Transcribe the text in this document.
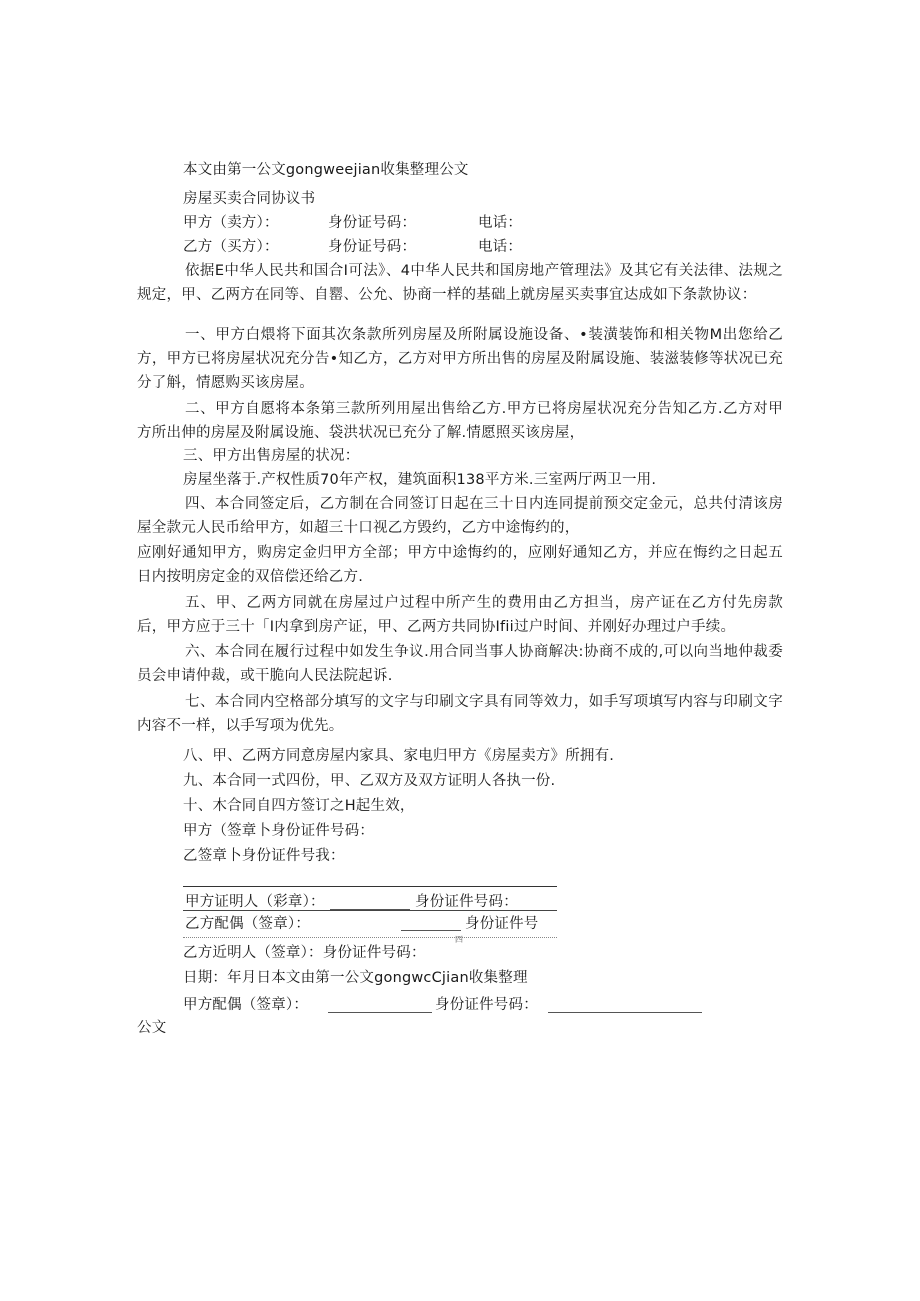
本文由第一公文gongweejian收集整理公文
房屋买卖合同协议书
甲方（卖方）：	身份证号码：	电话：
乙方（买方）：	身份证号码：	电话：
依据E中华人民共和国合I可法》、4中华人民共和国房地产管理法》及其它有关法律、法规之规定，甲、乙两方在同等、自罂、公允、协商一样的基础上就房屋买卖事宜达成如下条款协议：
一、甲方白煨将下面其次条款所列房屋及所附属设施设备、•装潢装饰和相关物M出您给乙方，甲方已将房屋状况充分告•知乙方，乙方对甲方所出售的房屋及附属设施、装滋装修等状况已充分了斛，情愿购买该房屋。
二、甲方自愿将本条第三款所列用屋出售给乙方.甲方已将房屋状况充分告知乙方.乙方对甲方所出伸的房屋及附属设施、袋洪状况已充分了解.情愿照买该房屋，
三、甲方出售房屋的状况：
房屋坐落于.产权性质70年产权，建筑面积138平方米.三室两厅两卫一用.
四、本合同签定后，乙方制在合同签订日起在三十日内连同提前预交定金元，总共付清该房屋全款元人民币给甲方，如超三十口视乙方毁约，乙方中途悔约的，
应刚好通知甲方，购房定金归甲方全部；甲方中途悔约的，应刚好通知乙方，并应在悔约之日起五日内按明房定金的双倍偿还给乙方.
五、甲、乙两方同就在房屋过户过程中所产生的费用由乙方担当，房产证在乙方付先房款后，甲方应于三十「I内拿到房产证，甲、乙两方共同协Ifii过户时间、并刚好办理过户手续。
六、本合同在履行过程中如发生争议.用合同当事人协商解决:协商不成的,可以向当地仲裁委员会申请仲裁，或干脆向人民法院起诉.
七、本合同内空格部分填写的文字与印刷文字具有同等效力，如手写项填写内容与印刷文字内容不一样，以手写项为优先。
八、甲、乙两方同意房屋内家具、家电归甲方《房屋卖方》所拥有.
九、本合同一式四份，甲、乙双方及双方证明人各执一份.
十、木合同自四方签订之H起生效，
甲方（签章卜身份证件号码：
乙签章卜身份证件号我：
甲方证明人（彩章）：	身份证件号码：
乙方配偶（签章）：	身份证件号
四
乙方近明人（签章）：身份证件号码：
日期：年月日本文由第一公文gongwcCjian收集整理
甲方配偶（签章）：	身份证件号码：
公文
